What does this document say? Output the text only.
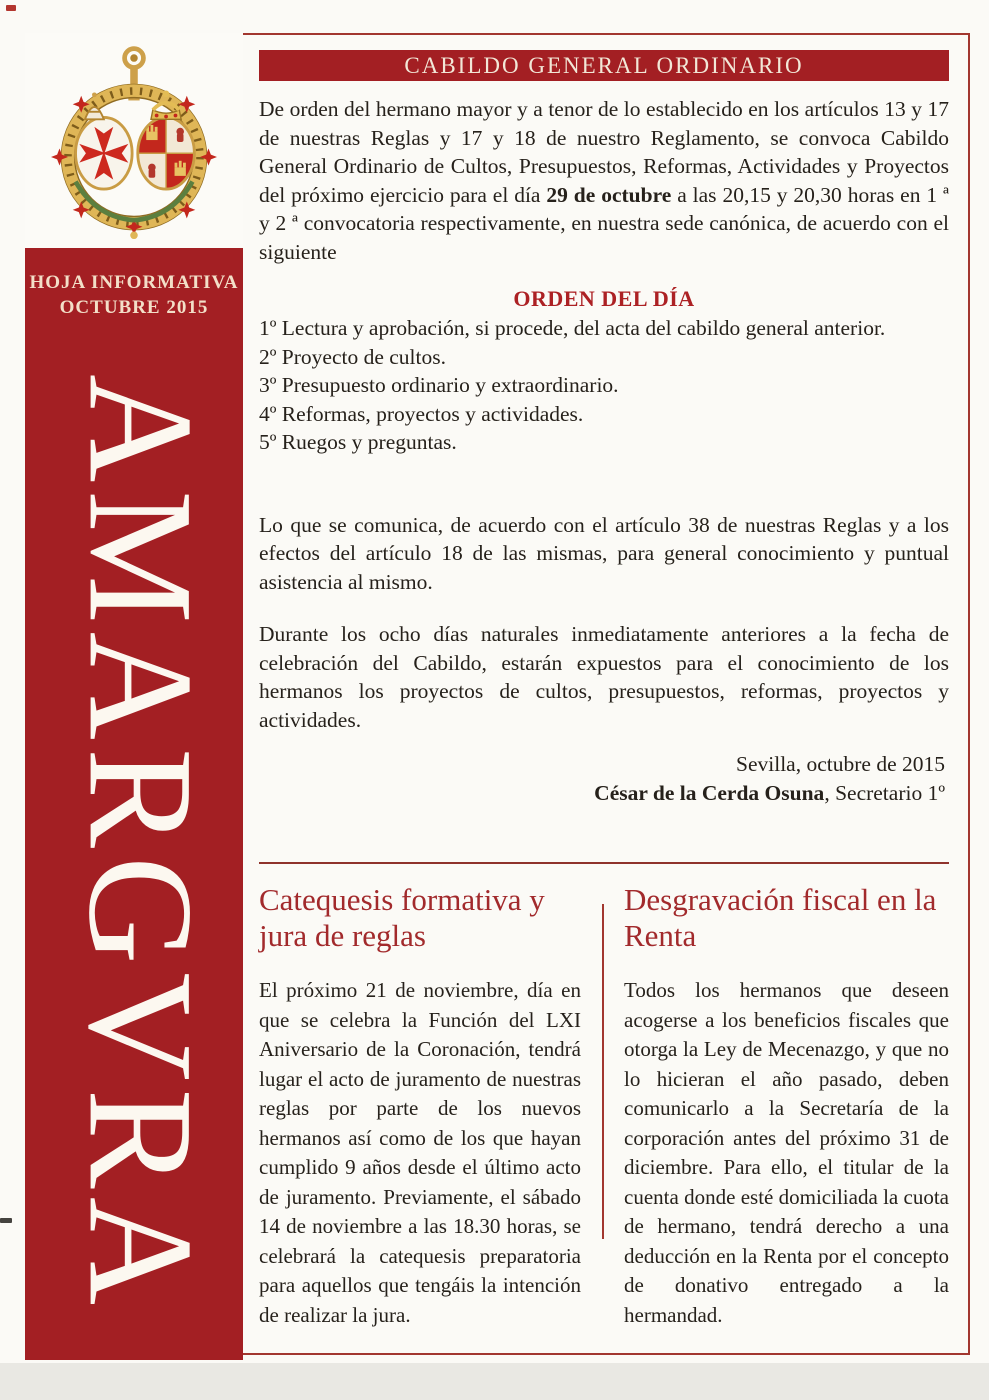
HOJA INFORMATIVA
OCTUBRE 2015
AMARGVRA
CABILDO GENERAL ORDINARIO

De orden del hermano mayor y a tenor de lo establecido en los artículos 13 y 17 de nuestras Reglas y 17 y 18 de nuestro Reglamento, se convoca Cabildo General Ordinario de Cultos, Presupuestos, Reformas, Actividades y Proyectos del próximo ejercicio para el día 29 de octubre a las 20,15 y 20,30 horas en 1 ª y 2 ª convocatoria respectivamente, en nuestra sede canónica, de acuerdo con el siguiente

ORDEN DEL DÍA
1º Lectura y aprobación, si procede, del acta del cabildo general anterior.
2º Proyecto de cultos.
3º Presupuesto ordinario y extraordinario.
4º Reformas, proyectos y actividades.
5º Ruegos y preguntas.

Lo que se comunica, de acuerdo con el artículo 38 de nuestras Reglas y a los efectos del artículo 18 de las mismas, para general conocimiento y puntual asistencia al mismo.

Durante los ocho días naturales inmediatamente anteriores a la fecha de celebración del Cabildo, estarán expuestos para el conocimiento de los hermanos los proyectos de cultos, presupuestos, reformas, proyectos y actividades.

Sevilla, octubre de 2015
César de la Cerda Osuna, Secretario 1º
Catequesis formativa y jura de reglas

El próximo 21 de noviembre, día en que se celebra la Función del LXI Aniversario de la Coronación, tendrá lugar el acto de juramento de nuestras reglas por parte de los nuevos hermanos así como de los que hayan cumplido 9 años desde el último acto de juramento. Previamente, el sábado 14 de noviembre a las 18.30 horas, se celebrará la catequesis preparatoria para aquellos que tengáis la intención de realizar la jura.

Desgravación fiscal en la Renta

Todos los hermanos que deseen acogerse a los beneficios fiscales que otorga la Ley de Mecenazgo, y que no lo hicieran el año pasado, deben comunicarlo a la Secretaría de la corporación antes del próximo 31 de diciembre. Para ello, el titular de la cuenta donde esté domiciliada la cuota de hermano, tendrá derecho a una deducción en la Renta por el concepto de donativo entregado a la hermandad.
